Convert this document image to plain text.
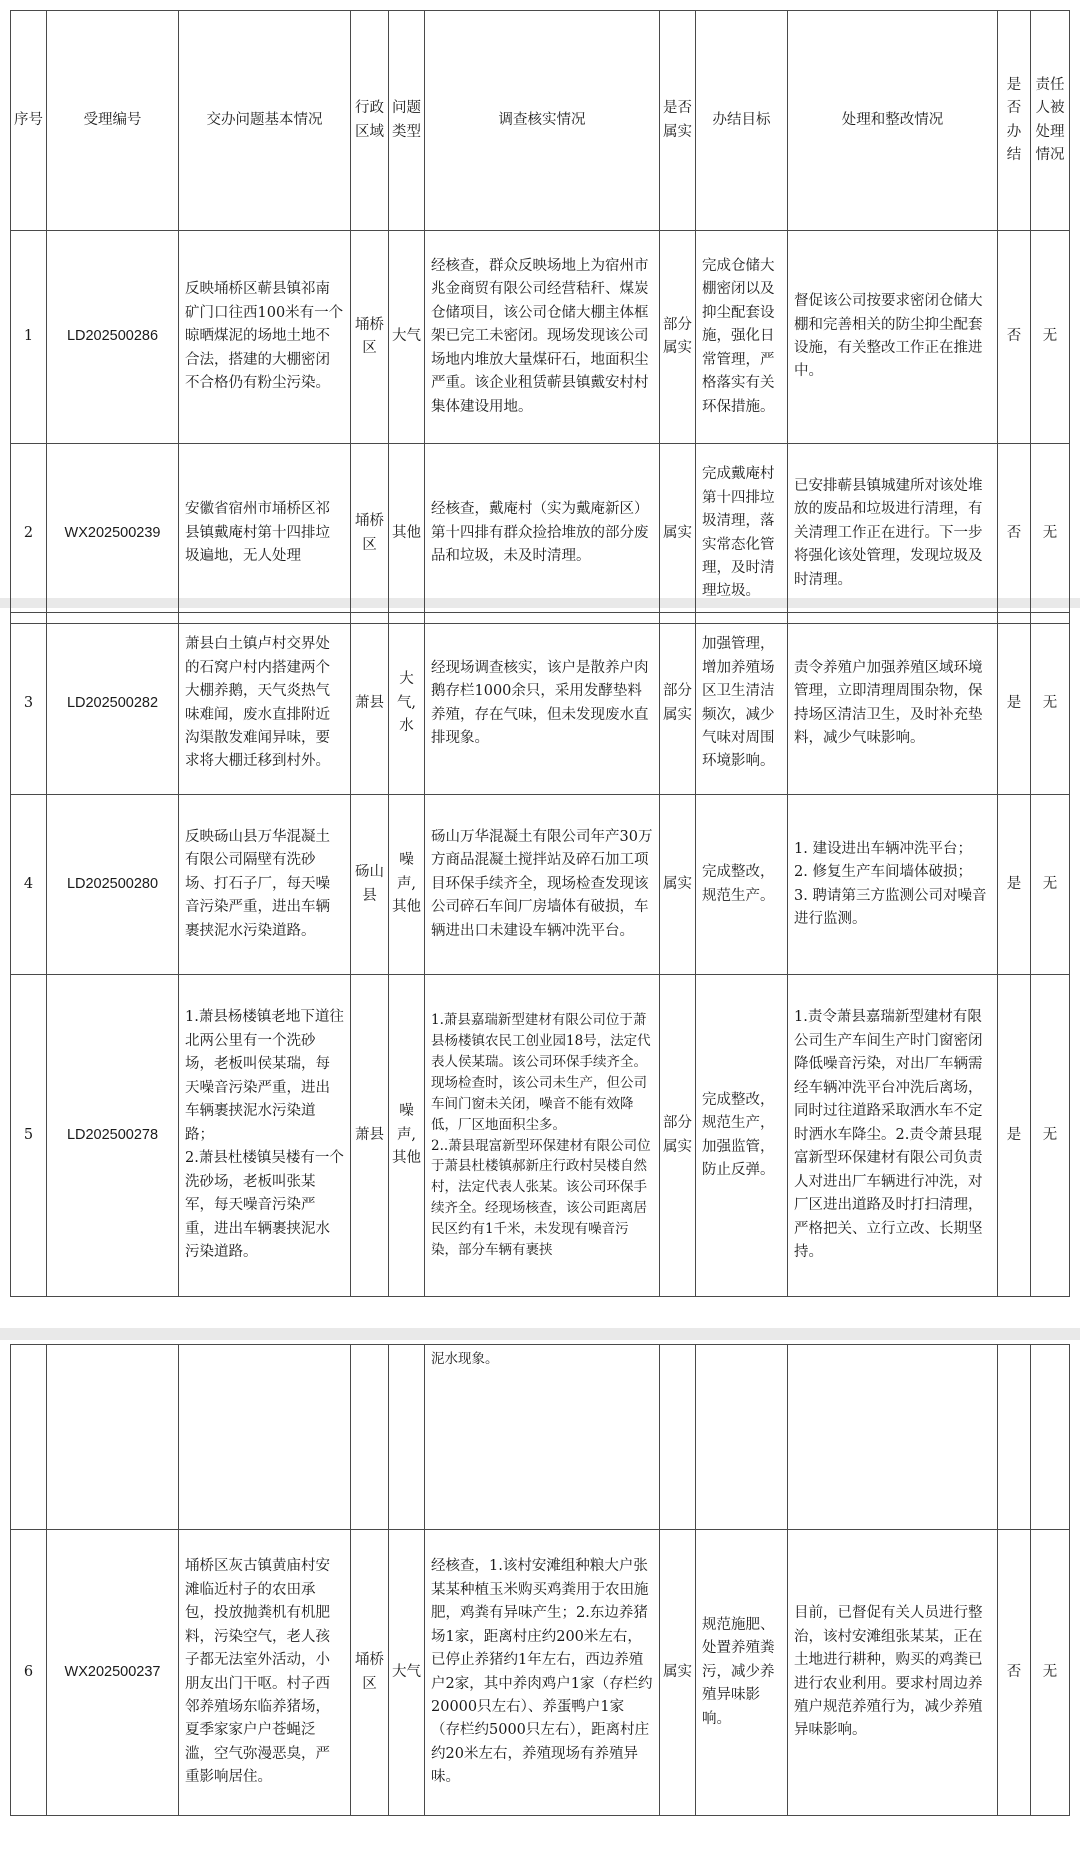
序号	受理编号	交办问题基本情况	行政区域	问题类型	调查核实情况	是否属实	办结目标	处理和整改情况	是否办结	责任人被处理情况
1	LD202500286	反映埇桥区蕲县镇祁南矿门口往西100米有一个晾晒煤泥的场地土地不合法，搭建的大棚密闭不合格仍有粉尘污染。	埇桥区	大气	经核查，群众反映场地上为宿州市兆金商贸有限公司经营秸秆、煤炭仓储项目，该公司仓储大棚主体框架已完工未密闭。现场发现该公司场地内堆放大量煤矸石，地面积尘严重。该企业租赁蕲县镇戴安村村集体建设用地。	部分属实	完成仓储大棚密闭以及抑尘配套设施，强化日常管理，严格落实有关环保措施。	督促该公司按要求密闭仓储大棚和完善相关的防尘抑尘配套设施，有关整改工作正在推进中。	否	无
2	WX202500239	安徽省宿州市埇桥区祁县镇戴庵村第十四排垃圾遍地，无人处理	埇桥区	其他	经核查，戴庵村（实为戴庵新区）第十四排有群众捡拾堆放的部分废品和垃圾，未及时清理。	属实	完成戴庵村第十四排垃圾清理，落实常态化管理，及时清理垃圾。	已安排蕲县镇城建所对该处堆放的废品和垃圾进行清理，有关清理工作正在进行。下一步将强化该处管理，发现垃圾及时清理。	否	无
3	LD202500282	萧县白土镇卢村交界处的石窝户村内搭建两个大棚养鹅，天气炎热气味难闻，废水直排附近沟渠散发难闻异味，要求将大棚迁移到村外。	萧县	大气,水	经现场调查核实，该户是散养户肉鹅存栏1000余只，采用发酵垫料养殖，存在气味，但未发现废水直排现象。	部分属实	加强管理，增加养殖场区卫生清洁频次，减少气味对周围环境影响。	责令养殖户加强养殖区域环境管理，立即清理周围杂物，保持场区清洁卫生，及时补充垫料，减少气味影响。	是	无
4	LD202500280	反映砀山县万华混凝土有限公司隔壁有洗砂场、打石子厂，每天噪音污染严重，进出车辆裹挟泥水污染道路。	砀山县	噪声,其他	砀山万华混凝土有限公司年产30万方商品混凝土搅拌站及碎石加工项目环保手续齐全，现场检查发现该公司碎石车间厂房墙体有破损，车辆进出口未建设车辆冲洗平台。	属实	完成整改，规范生产。	1. 建设进出车辆冲洗平台；
2. 修复生产车间墙体破损；
3. 聘请第三方监测公司对噪音进行监测。	是	无
5	LD202500278	1.萧县杨楼镇老地下道往北两公里有一个洗砂场，老板叫侯某瑞，每天噪音污染严重，进出车辆裹挟泥水污染道路；
2.萧县杜楼镇吴楼有一个洗砂场，老板叫张某军，每天噪音污染严重，进出车辆裹挟泥水污染道路。	萧县	噪声,其他	1.萧县嘉瑞新型建材有限公司位于萧县杨楼镇农民工创业园18号，法定代表人侯某瑞。该公司环保手续齐全。现场检查时，该公司未生产，但公司车间门窗未关闭，噪音不能有效降低，厂区地面积尘多。
2..萧县琨富新型环保建材有限公司位于萧县杜楼镇郝新庄行政村吴楼自然村，法定代表人张某。该公司环保手续齐全。经现场核查，该公司距离居民区约有1千米，未发现有噪音污染，部分车辆有裹挟	部分属实	完成整改，规范生产，加强监管，防止反弹。	1.责令萧县嘉瑞新型建材有限公司生产车间生产时门窗密闭降低噪音污染，对出厂车辆需经车辆冲洗平台冲洗后离场，同时过往道路采取洒水车不定时洒水车降尘。2.责令萧县琨富新型环保建材有限公司负责人对进出厂车辆进行冲洗，对厂区进出道路及时打扫清理，严格把关、立行立改、长期坚持。	是	无
					泥水现象。					
6	WX202500237	埇桥区灰古镇黄庙村安滩临近村子的农田承包，投放抛粪机有机肥料，污染空气，老人孩子都无法室外活动，小朋友出门干呕。村子西邻养殖场东临养猪场，夏季家家户户苍蝇泛滥，空气弥漫恶臭，严重影响居住。	埇桥区	大气	经核查，1.该村安滩组种粮大户张某某种植玉米购买鸡粪用于农田施肥，鸡粪有异味产生；2.东边养猪场1家，距离村庄约200米左右，已停止养猪约1年左右，西边养殖户2家，其中养肉鸡户1家（存栏约20000只左右）、养蛋鸭户1家（存栏约5000只左右），距离村庄约20米左右，养殖现场有养殖异味。	属实	规范施肥、处置养殖粪污，减少养殖异味影响。	目前，已督促有关人员进行整治，该村安滩组张某某，正在土地进行耕种，购买的鸡粪已进行农业利用。要求村周边养殖户规范养殖行为，减少养殖异味影响。	否	无
